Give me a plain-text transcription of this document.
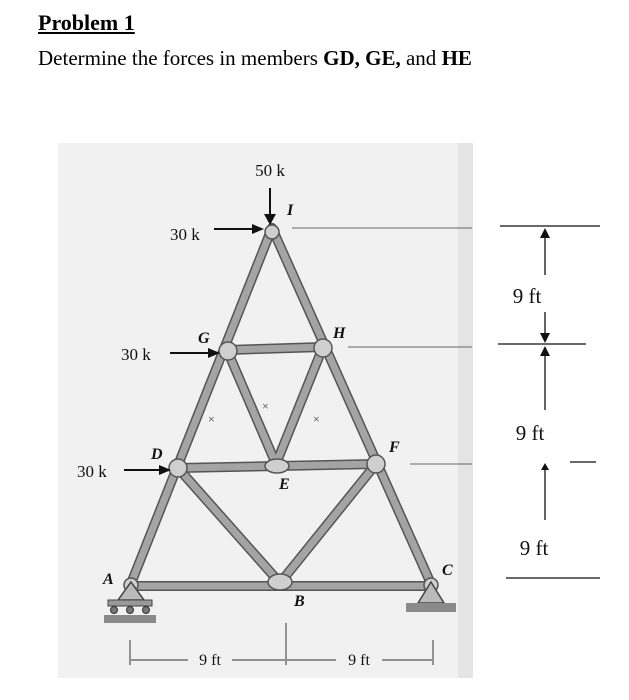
Problem 1
Determine the forces in members GD, GE, and HE
50 k
30 k
30 k
30 k
A
B
C
D
E
F
G	H
I
×
×
×
9 ft	9 ft
9 ft
9 ft
9 ft
